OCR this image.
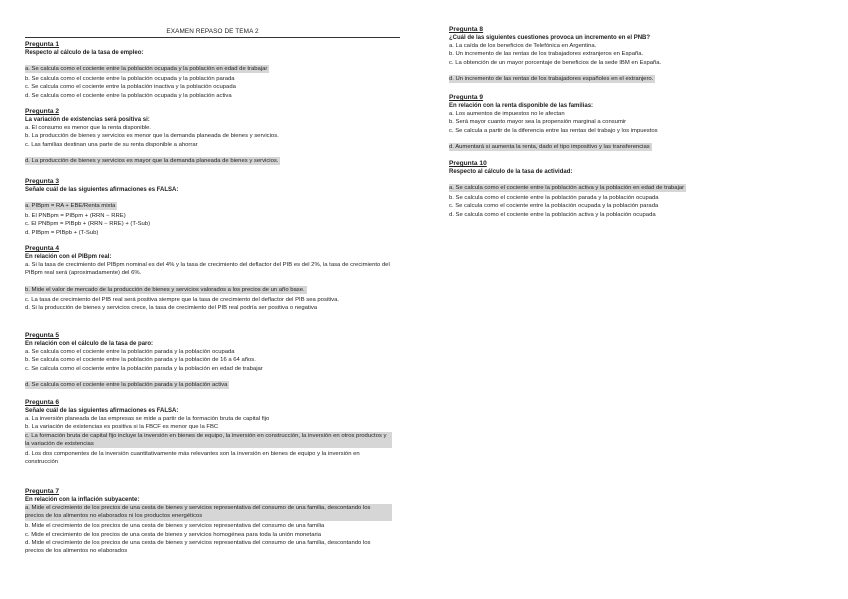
EXAMEN REPASO DE TEMA 2
Pregunta 1
Respecto al cálculo de la tasa de empleo:
a. Se calcula como el cociente entre la población ocupada y la población en edad de trabajar
b. Se calcula como el cociente entre la población ocupada y la población parada
c. Se calcula como el cociente entre la población inactiva y la población ocupada
d. Se calcula como el cociente entre la población ocupada y la población activa
Pregunta 2
La variación de existencias será positiva si:
a. El consumo es menor que la renta disponible.
b. La producción de bienes y servicios es menor que la demanda planeada de bienes y servicios.
c. Las familias destinan una parte de su renta disponible a ahorrar
d. La producción de bienes y servicios es mayor que la demanda planeada de bienes y servicios.
Pregunta 3
Señale cuál de las siguientes afirmaciones es FALSA:
a. PIBpm = RA + EBE/Renta mixta
b. El PNBpm = PIBpm + (RRN − RRE)
c. El PNBpm = PIBpb + (RRN − RRE) + (T-Sub)
d. PIBpm = PIBpb + (T-Sub)
Pregunta 4
En relación con el PIBpm real:
a. Si la tasa de crecimiento del PIBpm nominal es del 4% y la tasa de crecimiento del deflactor del PIB es del 2%, la tasa de crecimiento del PIBpm real será (aproximadamente) del 6%.
b. Mide el valor de mercado de la producción de bienes y servicios valorados a los precios de un año base.
c. La tasa de crecimiento del PIB real será positiva siempre que la tasa de crecimiento del deflactor del PIB sea positiva.
d. Si la producción de bienes y servicios crece, la tasa de crecimiento del PIB real podría ser positiva o negativa
Pregunta 5
En relación con el cálculo de la tasa de paro:
a. Se calcula como el cociente entre la población parada y la población ocupada
b. Se calcula como el cociente entre la población parada y la población de 16 a 64 años.
c. Se calcula como el cociente entre la población parada y la población en edad de trabajar
d. Se calcula como el cociente entre la población parada y la población activa
Pregunta 6
Señale cuál de las siguientes afirmaciones es FALSA:
a. La inversión planeada de las empresas se mide a partir de la formación bruta de capital fijo
b. La variación de existencias es positiva si la FBCF es menor que la FBC
c. La formación bruta de capital fijo incluye la inversión en bienes de equipo, la inversión en construcción, la inversión en otros productos y la variación de existencias
d. Los dos componentes de la inversión cuantitativamente más relevantes son la inversión en bienes de equipo y la inversión en construcción
Pregunta 7
En relación con la inflación subyacente:
a. Mide el crecimiento de los precios de una cesta de bienes y servicios representativa del consumo de una familia, descontando los precios de los alimentos no elaborados ni los productos energéticos
b. Mide el crecimiento de los precios de una cesta de bienes y servicios representativa del consumo de una familia
c. Mide el crecimiento de los precios de una cesta de bienes y servicios homogénea para toda la unión monetaria
d. Mide el crecimiento de los precios de una cesta de bienes y servicios representativa del consumo de una familia, descontando los precios de los alimentos no elaborados
Pregunta 8
¿Cuál de las siguientes cuestiones provoca un incremento en el PNB?
a. La caída de los beneficios de Telefónica en Argentina.
b. Un incremento de las rentas de los trabajadores extranjeros en España.
c. La obtención de un mayor porcentaje de beneficios de la sede IBM en España.
d. Un incremento de las rentas de los trabajadores españoles en el extranjero.
Pregunta 9
En relación con la renta disponible de las familias:
a. Los aumentos de impuestos no le afectan
b. Será mayor cuanto mayor sea la propensión marginal a consumir
c. Se calcula a partir de la diferencia entre las rentas del trabajo y los impuestos
d. Aumentará si aumenta la renta, dado el tipo impositivo y las transferencias
Pregunta 10
Respecto al cálculo de la tasa de actividad:
a. Se calcula como el cociente entre la población activa y la población en edad de trabajar
b. Se calcula como el cociente entre la población parada y la población ocupada
c. Se calcula como el cociente entre la población ocupada y la población parada
d. Se calcula como el cociente entre la población activa y la población ocupada
